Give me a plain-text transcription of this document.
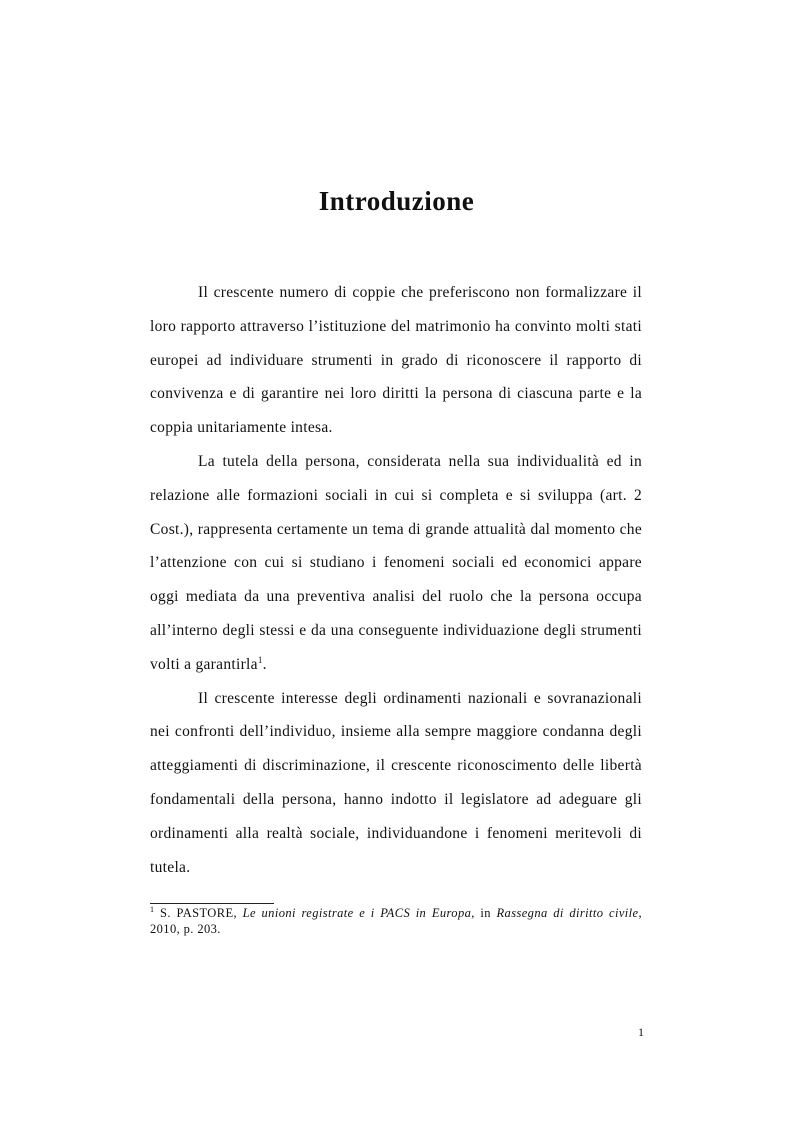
Introduzione

Il crescente numero di coppie che preferiscono non formalizzare il loro rapporto attraverso l’istituzione del matrimonio ha convinto molti stati europei ad individuare strumenti in grado di riconoscere il rapporto di convivenza e di garantire nei loro diritti la persona di ciascuna parte e la coppia unitariamente intesa.

La tutela della persona, considerata nella sua individualità ed in relazione alle formazioni sociali in cui si completa e si sviluppa (art. 2 Cost.), rappresenta certamente un tema di grande attualità dal momento che l’attenzione con cui si studiano i fenomeni sociali ed economici appare oggi mediata da una preventiva analisi del ruolo che la persona occupa all’interno degli stessi e da una conseguente individuazione degli strumenti volti a garantirla$^1$.

Il crescente interesse degli ordinamenti nazionali e sovranazionali nei confronti dell’individuo, insieme alla sempre maggiore condanna degli atteggiamenti di discriminazione, il crescente riconoscimento delle libertà fondamentali della persona, hanno indotto il legislatore ad adeguare gli ordinamenti alla realtà sociale, individuandone i fenomeni meritevoli di tutela.

$^1$ S. PASTORE, Le unioni registrate e i PACS in Europa, in Rassegna di diritto civile, 2010, p. 203.

1
